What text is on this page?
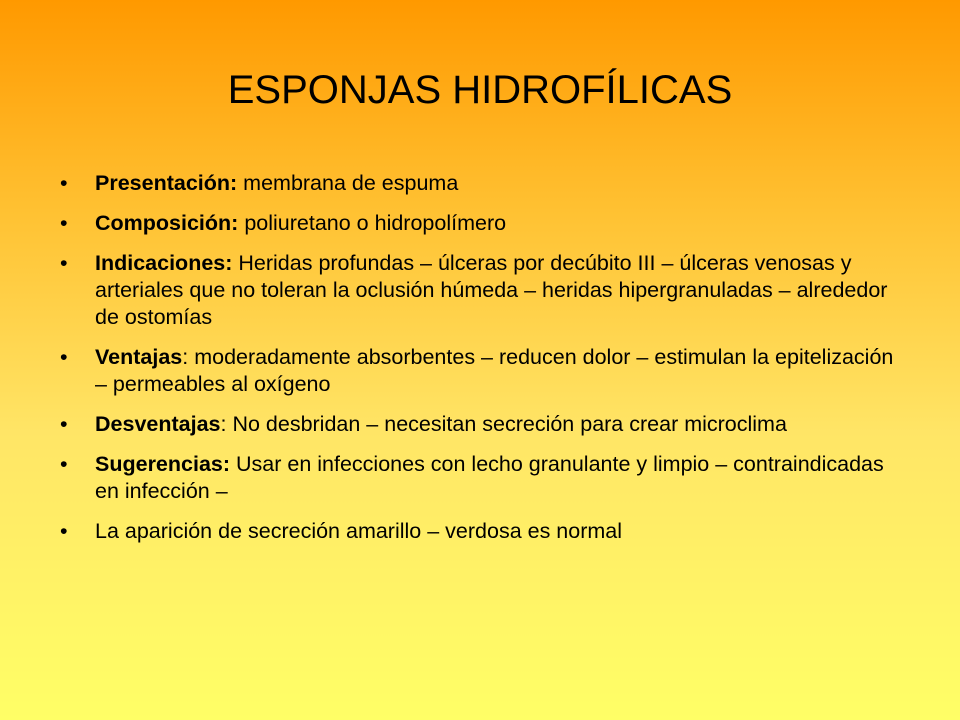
ESPONJAS HIDROFÍLICAS
• Presentación: membrana de espuma
• Composición: poliuretano o hidropolímero
• Indicaciones: Heridas profundas – úlceras por decúbito III – úlceras venosas y arteriales que no toleran la oclusión húmeda – heridas hipergranuladas – alrededor de ostomías
• Ventajas: moderadamente absorbentes – reducen dolor – estimulan la epitelización – permeables al oxígeno
• Desventajas: No desbridan – necesitan secreción para crear microclima
• Sugerencias: Usar en infecciones con lecho granulante y limpio – contraindicadas en infección –
• La aparición de secreción amarillo – verdosa es normal
